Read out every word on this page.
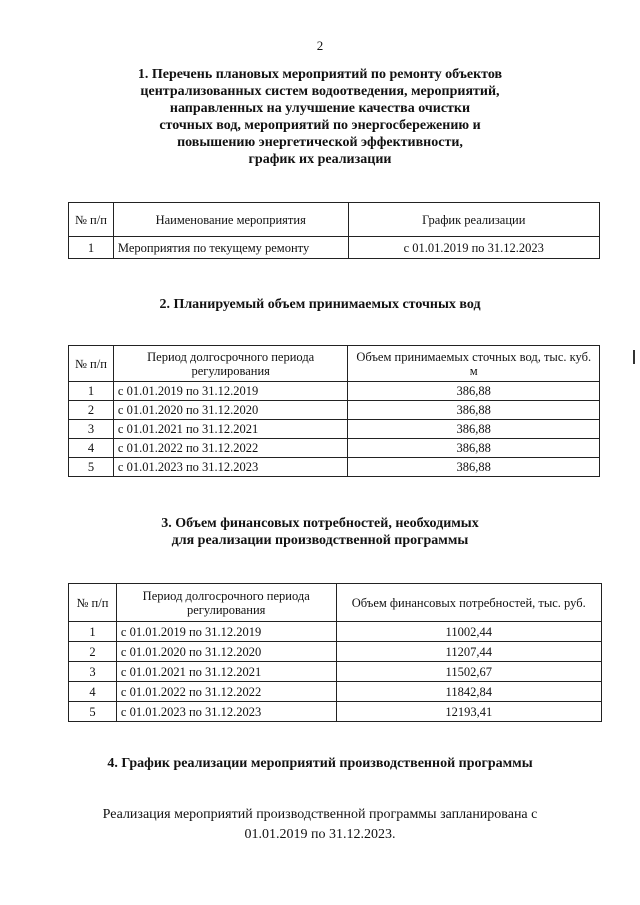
2
1. Перечень плановых мероприятий по ремонту объектов
централизованных систем водоотведения, мероприятий,
направленных на улучшение качества очистки
сточных вод, мероприятий по энергосбережению и
повышению энергетической эффективности,
график их реализации
№ п/п	Наименование мероприятия	График реализации
1	Мероприятия по текущему ремонту	с 01.01.2019 по 31.12.2023
2. Планируемый объем принимаемых сточных вод
№ п/п	Период долгосрочного периода регулирования	Объем принимаемых сточных вод, тыс. куб. м
1	с 01.01.2019 по 31.12.2019	386,88
2	с 01.01.2020 по 31.12.2020	386,88
3	с 01.01.2021 по 31.12.2021	386,88
4	с 01.01.2022 по 31.12.2022	386,88
5	с 01.01.2023 по 31.12.2023	386,88
3. Объем финансовых потребностей, необходимых
для реализации производственной программы
№ п/п	Период долгосрочного периода регулирования	Объем финансовых потребностей, тыс. руб.
1	с 01.01.2019 по 31.12.2019	11002,44
2	с 01.01.2020 по 31.12.2020	11207,44
3	с 01.01.2021 по 31.12.2021	11502,67
4	с 01.01.2022 по 31.12.2022	11842,84
5	с 01.01.2023 по 31.12.2023	12193,41
4. График реализации мероприятий производственной программы
Реализация мероприятий производственной программы запланирована с
01.01.2019 по 31.12.2023.
